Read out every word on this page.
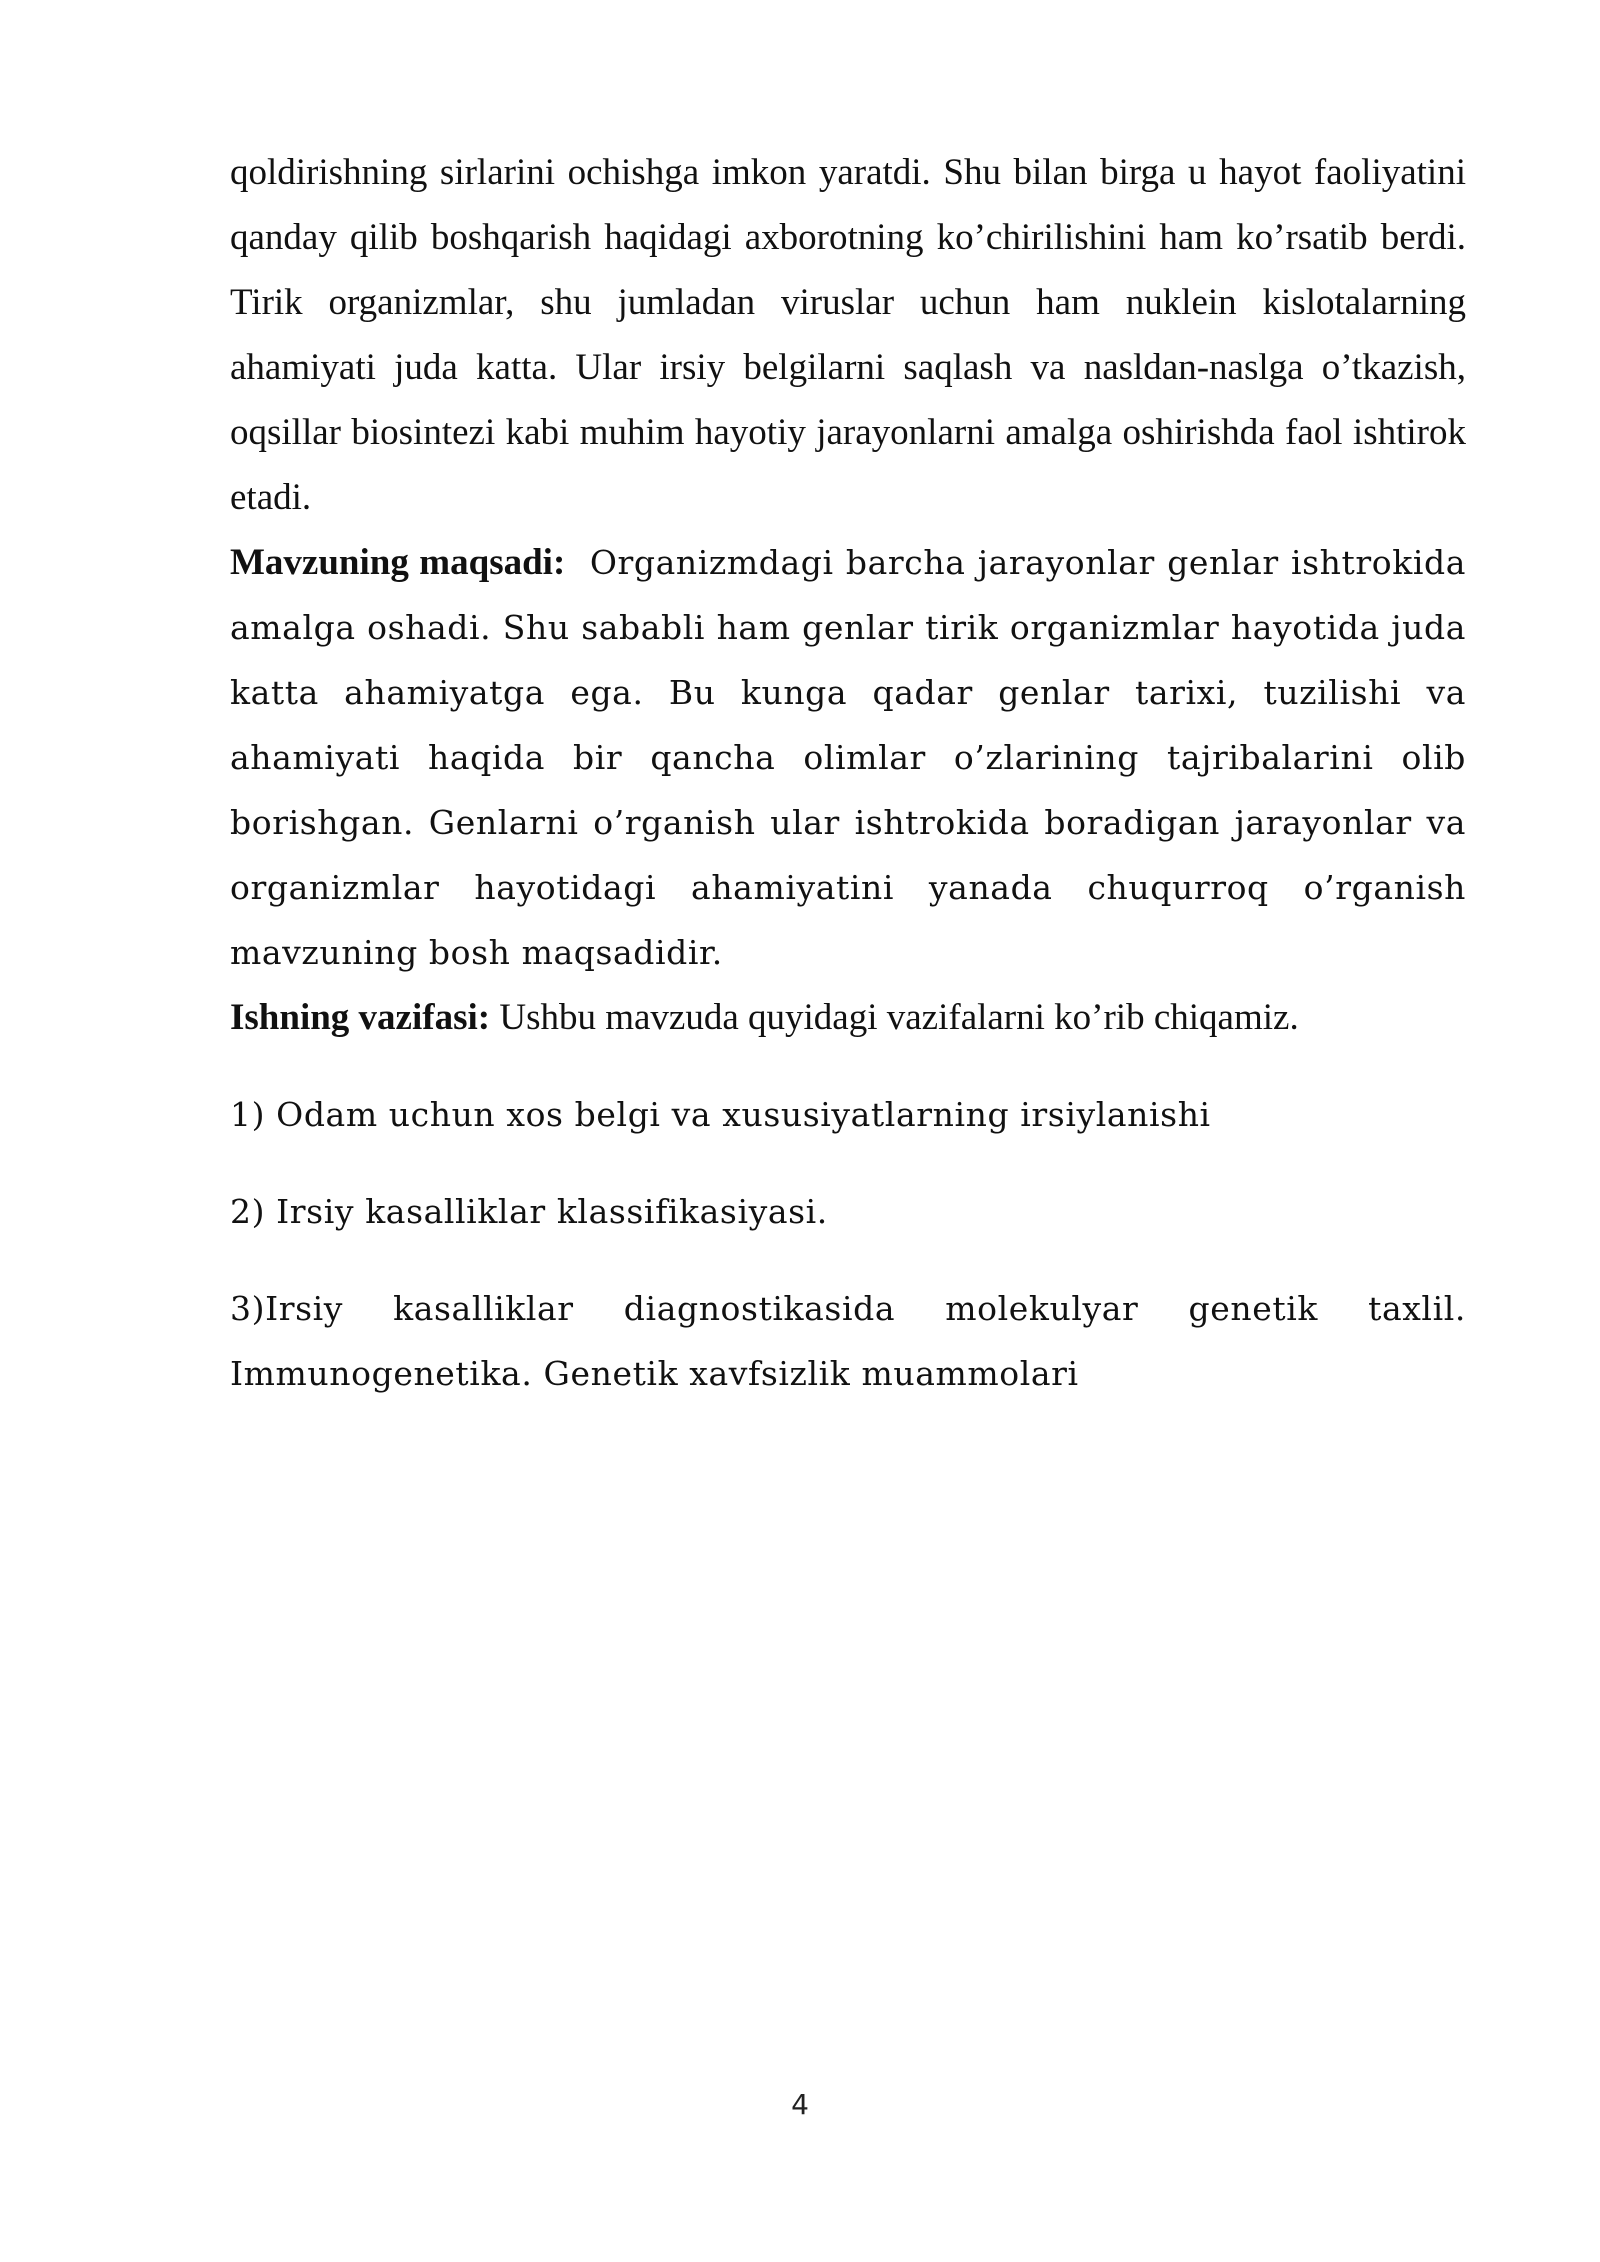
qoldirishning sirlarini ochishga imkon yaratdi. Shu bilan birga u hayot faoliyatini qanday qilib boshqarish haqidagi axborotning ko’chirilishini ham ko’rsatib berdi. Tirik organizmlar, shu jumladan viruslar uchun ham nuklein kislotalarning ahamiyati juda katta. Ular irsiy belgilarni saqlash va nasldan-naslga o’tkazish, oqsillar biosintezi kabi muhim hayotiy jarayonlarni amalga oshirishda faol ishtirok etadi.

Mavzuning maqsadi: Organizmdagi barcha jarayonlar genlar ishtrokida amalga oshadi. Shu sababli ham genlar tirik organizmlar hayotida juda katta ahamiyatga ega. Bu kunga qadar genlar tarixi, tuzilishi va ahamiyati haqida bir qancha olimlar o’zlarining tajribalarini olib borishgan. Genlarni o’rganish ular ishtrokida boradigan jarayonlar va organizmlar hayotidagi ahamiyatini yanada chuqurroq o’rganish mavzuning bosh maqsadidir.

Ishning vazifasi: Ushbu mavzuda quyidagi vazifalarni ko’rib chiqamiz.

1) Odam uchun xos belgi va xususiyatlarning irsiylanishi

2) Irsiy kasalliklar klassifikasiyasi.

3)Irsiy kasalliklar diagnostikasida molekulyar genetik taxlil. Immunogenetika. Genetik xavfsizlik muammolari

4
